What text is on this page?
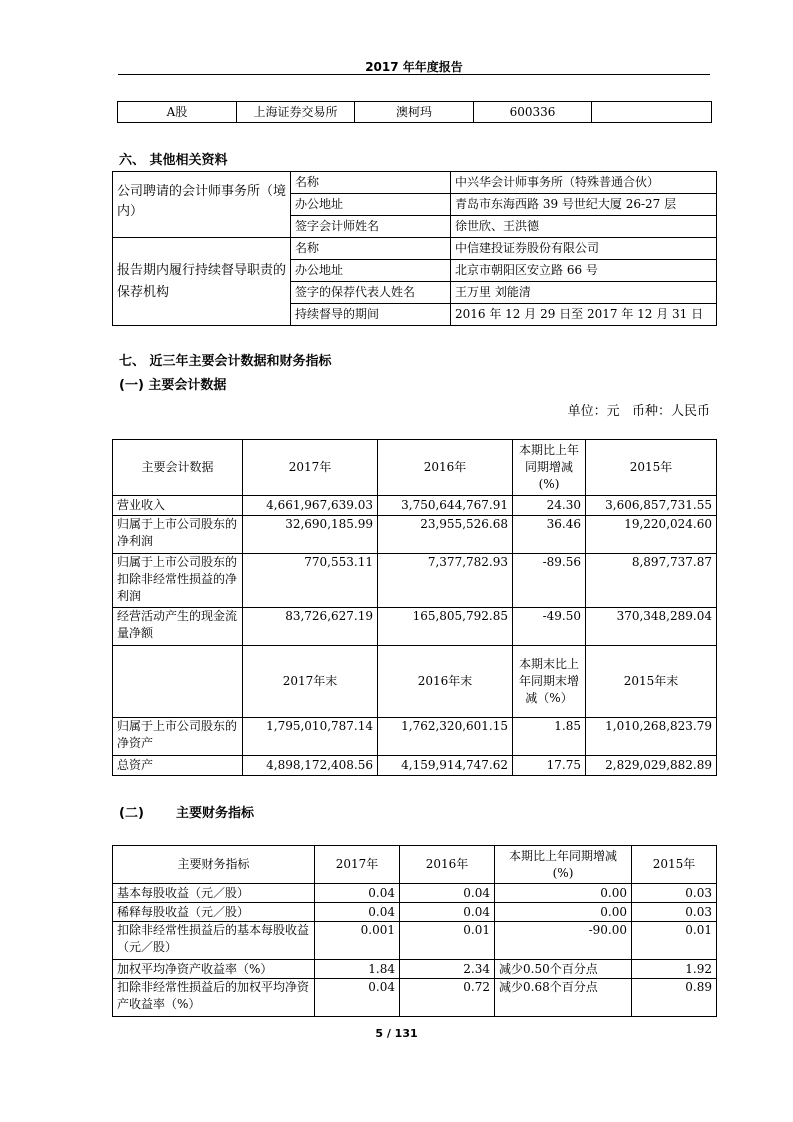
2017 年年度报告
A股	上海证券交易所	澳柯玛	600336	
六、 其他相关资料
公司聘请的会计师事务所（境内）	名称	中兴华会计师事务所（特殊普通合伙）
	办公地址	青岛市东海西路 39 号世纪大厦 26-27 层
	签字会计师姓名	徐世欣、王洪德
报告期内履行持续督导职责的保荐机构	名称	中信建投证券股份有限公司
	办公地址	北京市朝阳区安立路 66 号
	签字的保荐代表人姓名	王万里 刘能清
	持续督导的期间	2016 年 12 月 29 日至 2017 年 12 月 31 日
七、 近三年主要会计数据和财务指标
(一) 主要会计数据
单位：元   币种：人民币
主要会计数据	2017年	2016年	本期比上年同期增减(%)	2015年
营业收入	4,661,967,639.03	3,750,644,767.91	24.30	3,606,857,731.55
归属于上市公司股东的净利润	32,690,185.99	23,955,526.68	36.46	19,220,024.60
归属于上市公司股东的扣除非经常性损益的净利润	770,553.11	7,377,782.93	-89.56	8,897,737.87
经营活动产生的现金流量净额	83,726,627.19	165,805,792.85	-49.50	370,348,289.04
	2017年末	2016年末	本期末比上年同期末增减（%）	2015年末
归属于上市公司股东的净资产	1,795,010,787.14	1,762,320,601.15	1.85	1,010,268,823.79
总资产	4,898,172,408.56	4,159,914,747.62	17.75	2,829,029,882.89
(二) 主要财务指标
主要财务指标	2017年	2016年	本期比上年同期增减(%)	2015年
基本每股收益（元／股）	0.04	0.04	0.00	0.03
稀释每股收益（元／股）	0.04	0.04	0.00	0.03
扣除非经常性损益后的基本每股收益（元／股）	0.001	0.01	-90.00	0.01
加权平均净资产收益率（%）	1.84	2.34	减少0.50个百分点	1.92
扣除非经常性损益后的加权平均净资产收益率（%）	0.04	0.72	减少0.68个百分点	0.89
5 / 131
